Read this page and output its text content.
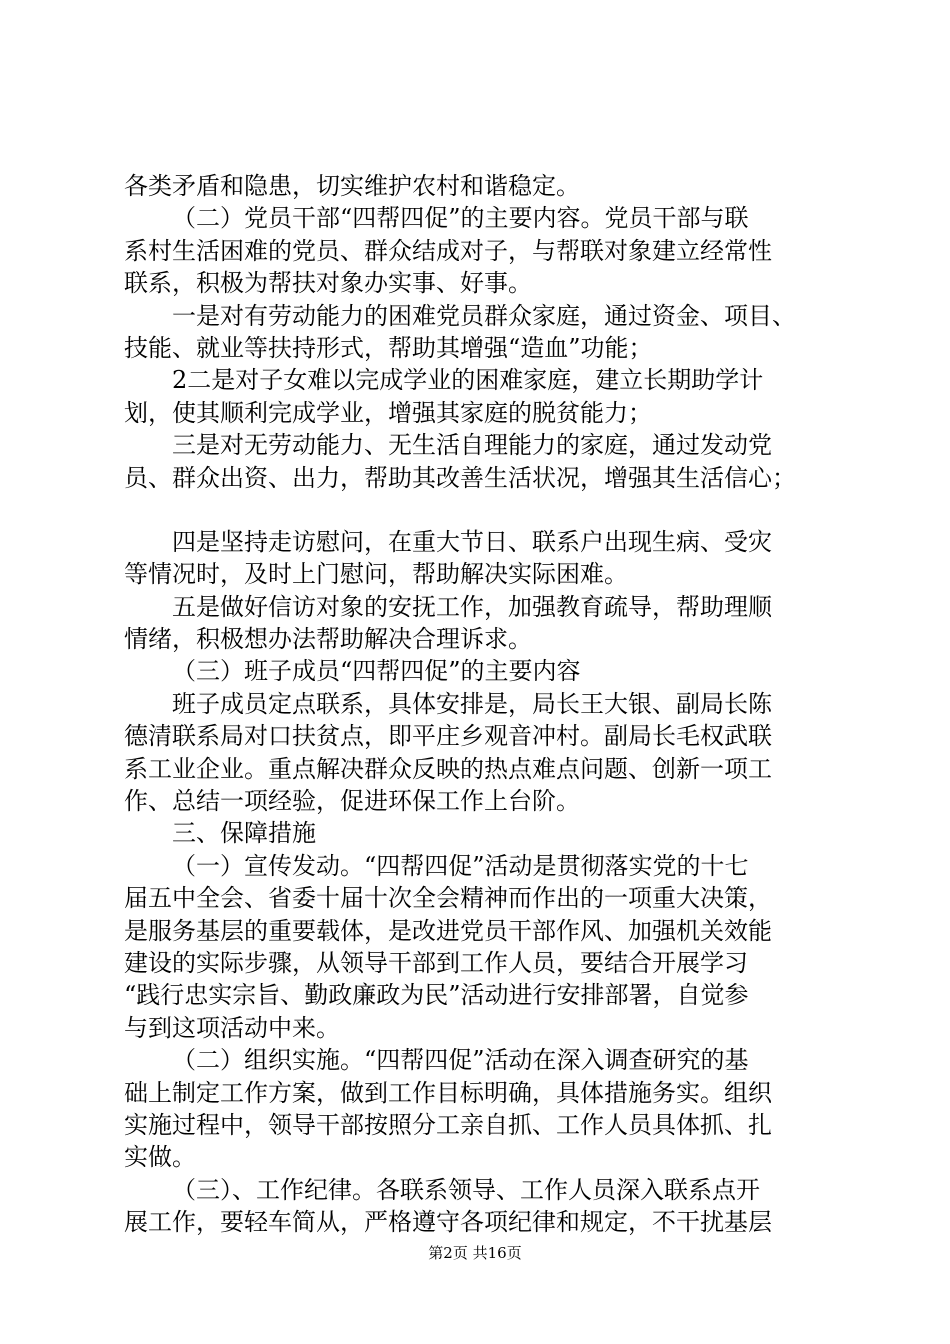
各类矛盾和隐患，切实维护农村和谐稳定。
（二）党员干部“四帮四促”的主要内容。党员干部与联
系村生活困难的党员、群众结成对子，与帮联对象建立经常性
联系，积极为帮扶对象办实事、好事。
一是对有劳动能力的困难党员群众家庭，通过资金、项目、
技能、就业等扶持形式，帮助其增强“造血”功能；
2二是对子女难以完成学业的困难家庭，建立长期助学计
划，使其顺利完成学业，增强其家庭的脱贫能力；
三是对无劳动能力、无生活自理能力的家庭，通过发动党
员、群众出资、出力，帮助其改善生活状况，增强其生活信心；
四是坚持走访慰问，在重大节日、联系户出现生病、受灾
等情况时，及时上门慰问，帮助解决实际困难。
五是做好信访对象的安抚工作，加强教育疏导，帮助理顺
情绪，积极想办法帮助解决合理诉求。
（三）班子成员“四帮四促”的主要内容
班子成员定点联系，具体安排是，局长王大银、副局长陈
德清联系局对口扶贫点，即平庄乡观音冲村。副局长毛权武联
系工业企业。重点解决群众反映的热点难点问题、创新一项工
作、总结一项经验，促进环保工作上台阶。
三、保障措施
（一）宣传发动。“四帮四促”活动是贯彻落实党的十七
届五中全会、省委十届十次全会精神而作出的一项重大决策，
是服务基层的重要载体，是改进党员干部作风、加强机关效能
建设的实际步骤，从领导干部到工作人员，要结合开展学习
“践行忠实宗旨、勤政廉政为民”活动进行安排部署，自觉参
与到这项活动中来。
（二）组织实施。“四帮四促”活动在深入调查研究的基
础上制定工作方案，做到工作目标明确，具体措施务实。组织
实施过程中，领导干部按照分工亲自抓、工作人员具体抓、扎
实做。
（三）、工作纪律。各联系领导、工作人员深入联系点开
展工作，要轻车简从，严格遵守各项纪律和规定，不干扰基层
第2页 共16页
